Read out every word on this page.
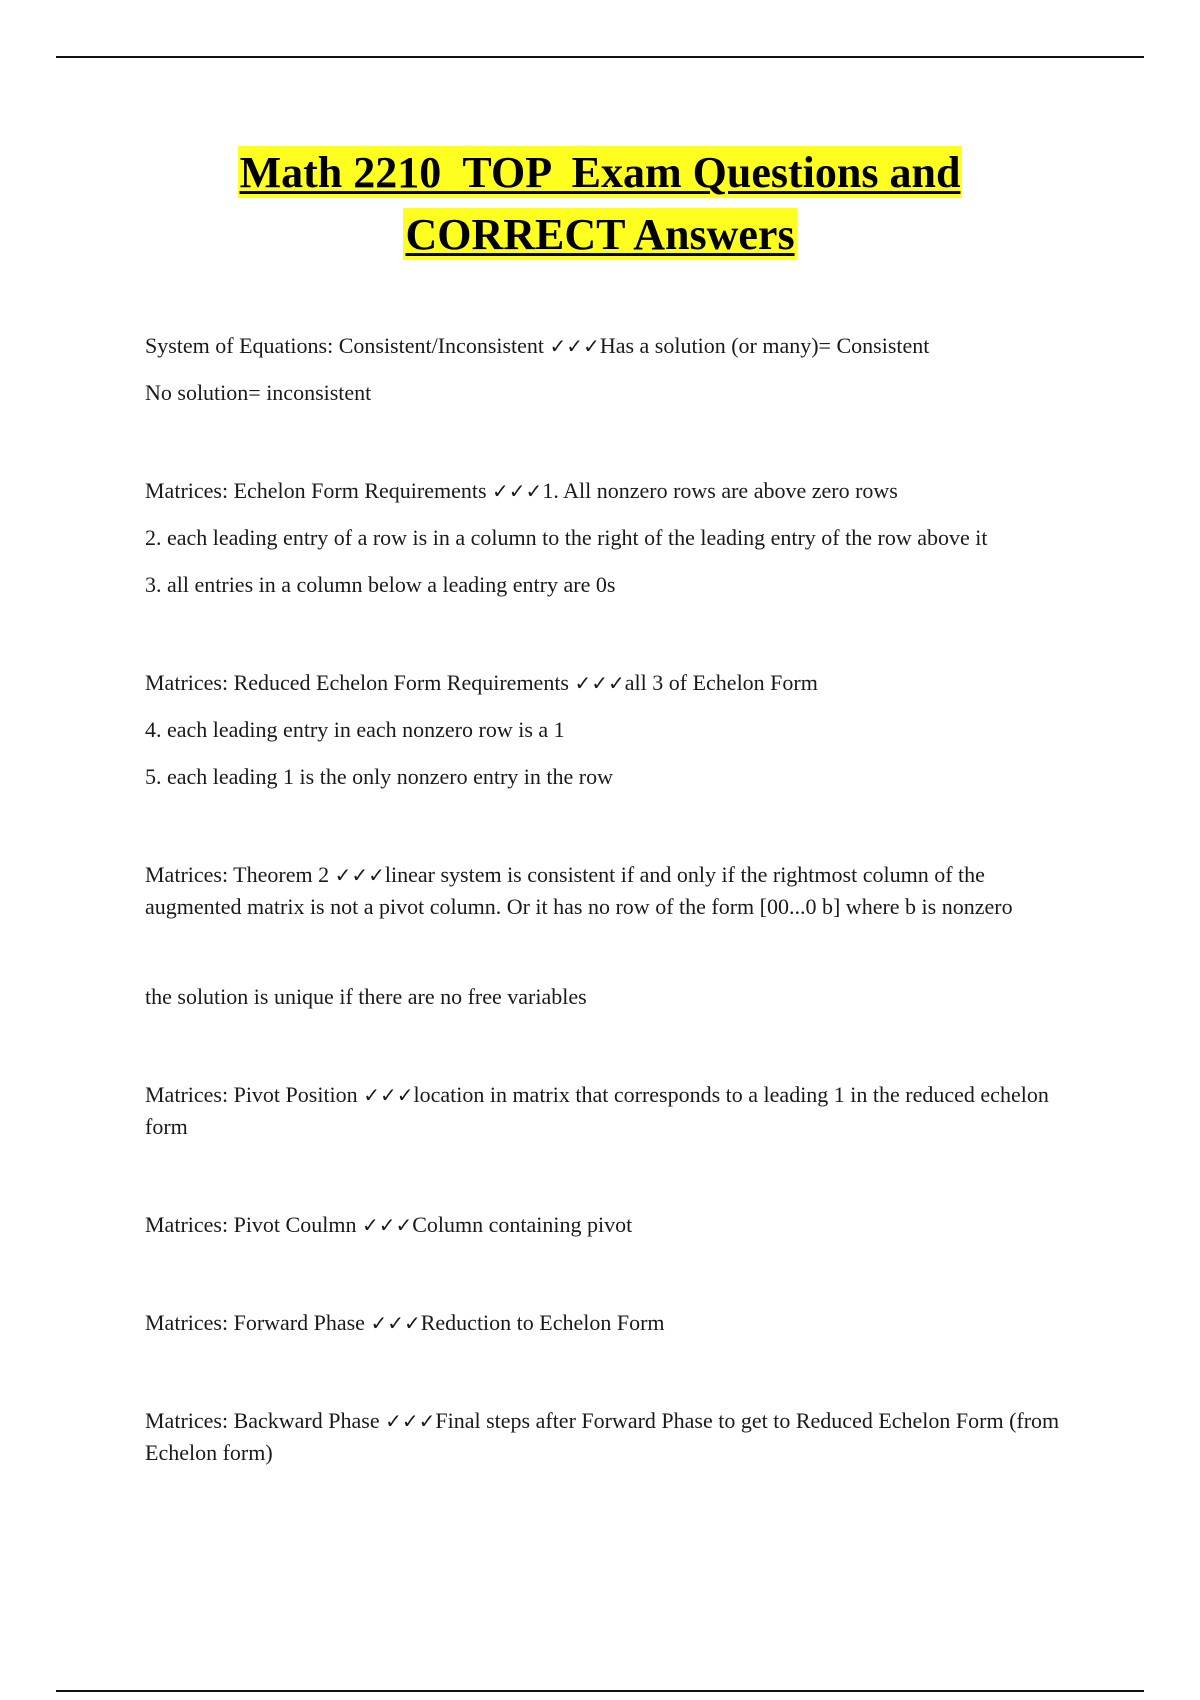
Math 2210  TOP  Exam Questions and
CORRECT Answers

System of Equations: Consistent/Inconsistent ✓✓✓Has a solution (or many)= Consistent

No solution= inconsistent

Matrices: Echelon Form Requirements ✓✓✓1. All nonzero rows are above zero rows

2. each leading entry of a row is in a column to the right of the leading entry of the row above it

3. all entries in a column below a leading entry are 0s

Matrices: Reduced Echelon Form Requirements ✓✓✓all 3 of Echelon Form

4. each leading entry in each nonzero row is a 1

5. each leading 1 is the only nonzero entry in the row

Matrices: Theorem 2 ✓✓✓linear system is consistent if and only if the rightmost column of the augmented matrix is not a pivot column. Or it has no row of the form [00...0 b] where b is nonzero

the solution is unique if there are no free variables

Matrices: Pivot Position ✓✓✓location in matrix that corresponds to a leading 1 in the reduced echelon form

Matrices: Pivot Coulmn ✓✓✓Column containing pivot

Matrices: Forward Phase ✓✓✓Reduction to Echelon Form

Matrices: Backward Phase ✓✓✓Final steps after Forward Phase to get to Reduced Echelon Form (from Echelon form)
